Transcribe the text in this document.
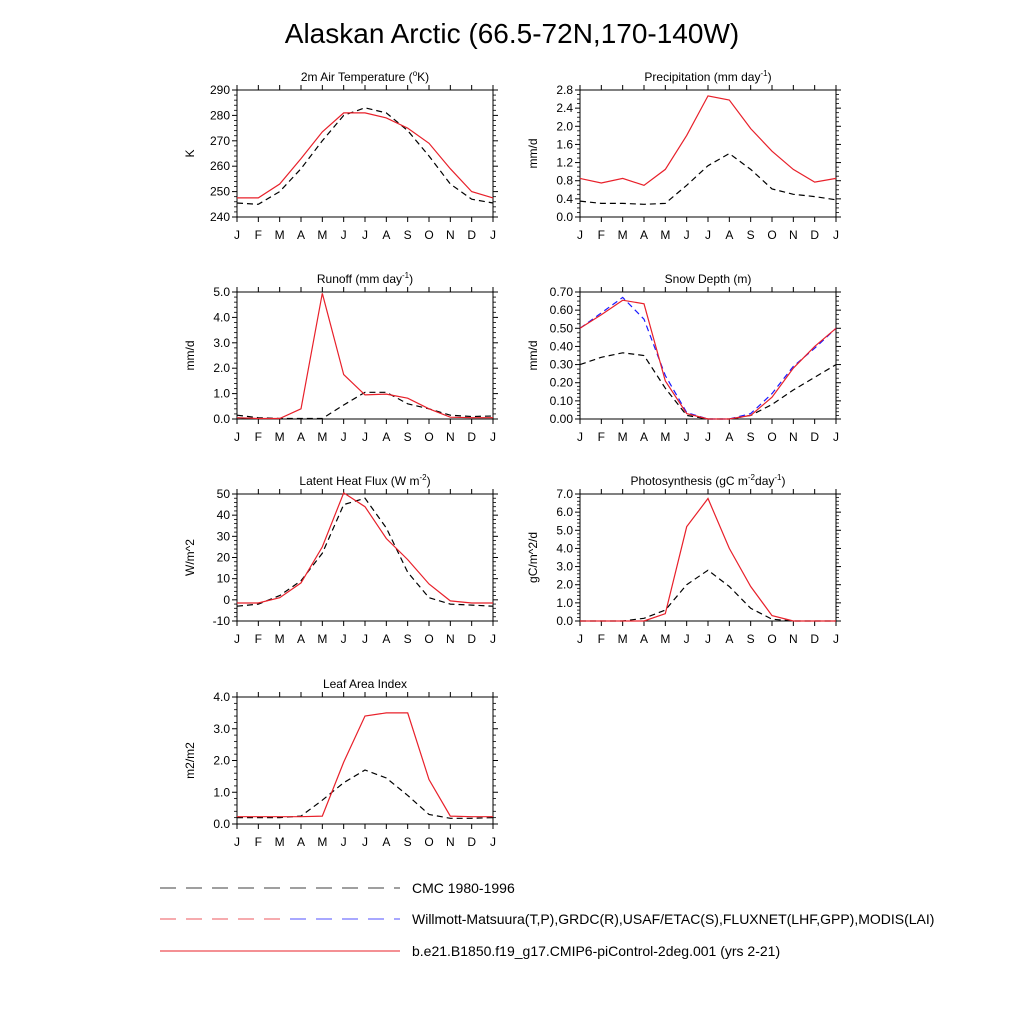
Alaskan Arctic (66.5-72N,170-140W)
2m Air Temperature ($^o$K)
K
240
250
260
270
280
290
J F M A M J J A S O N D J
Precipitation (mm day$^{-1}$)
mm/d
0.0
0.4
0.8
1.2
1.6
2.0
2.4
2.8
J F M A M J J A S O N D J
Runoff (mm day$^{-1}$)
mm/d
0.0
1.0
2.0
3.0
4.0
5.0
J F M A M J J A S O N D J
Snow Depth (m)
mm/d
0.00
0.10
0.20
0.30
0.40
0.50
0.60
0.70
J F M A M J J A S O N D J
Latent Heat Flux (W $m^{-2}$)
W/m^2
-10
0
10
20
30
40
50
J F M A M J J A S O N D J
Photosynthesis (gC $m^{-2}day^{-1}$)
gC/m^2/d
0.0
1.0
2.0
3.0
4.0
5.0
6.0
7.0
J F M A M J J A S O N D J
Leaf Area Index
m2/m2
0.0
1.0
2.0
3.0
4.0
J F M A M J J A S O N D J
CMC 1980-1996
Willmott-Matsuura(T,P),GRDC(R),USAF/ETAC(S),FLUXNET(LHF,GPP),MODIS(LAI)
b.e21.B1850.f19_g17.CMIP6-piControl-2deg.001 (yrs 2-21)
